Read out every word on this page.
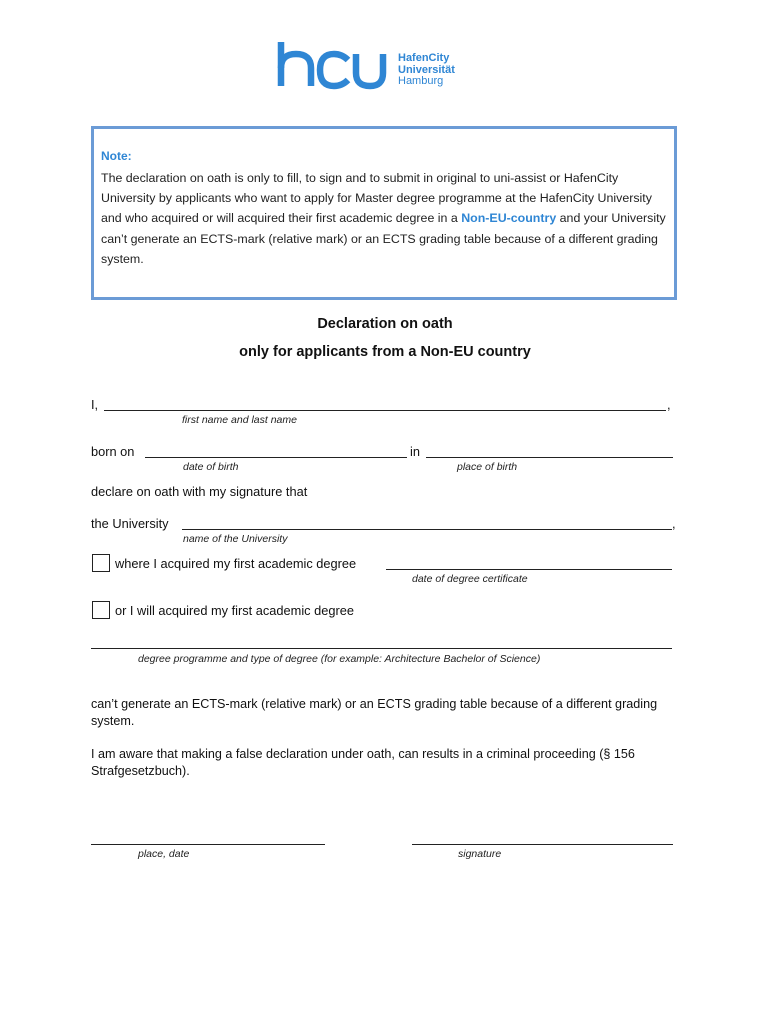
HafenCity
Universität
Hamburg
Note:
The declaration on oath is only to fill, to sign and to submit in original to uni-assist or HafenCity University by applicants who want to apply for Master degree programme at the HafenCity University and who acquired or will acquired their first academic degree in a Non-EU-country and your University can’t generate an ECTS-mark (relative mark) or an ECTS grading table because of a different grading system.
Declaration on oath
only for applicants from a Non-EU country
I,	,
first name and last name
born on	in
date of birth	place of birth
declare on oath with my signature that
the University	,
name of the University
where I acquired my first academic degree
date of degree certificate
or I will acquired my first academic degree
degree programme and type of degree (for example: Architecture Bachelor of Science)
can’t generate an ECTS-mark (relative mark) or an ECTS grading table because of a different grading system.
I am aware that making a false declaration under oath, can results in a criminal proceeding (§ 156 Strafgesetzbuch).
place, date	signature
